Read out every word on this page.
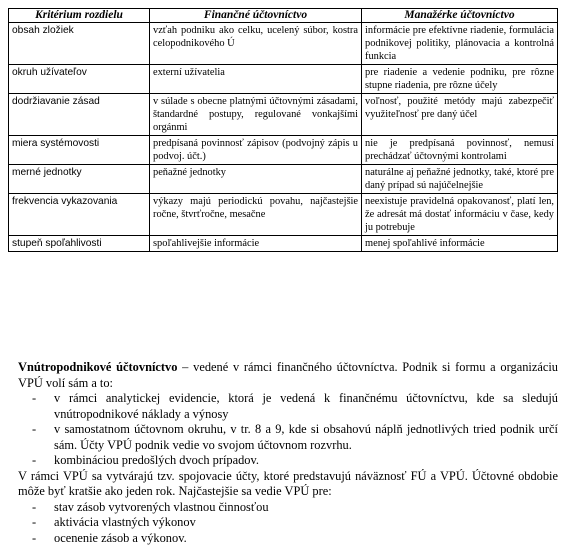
Kritérium rozdielu	Finančné účtovníctvo	Manažérke účtovníctvo
obsah zložiek	vzťah podniku ako celku, ucelený súbor, kostra celopodnikového Ú	informácie pre efektívne riadenie, formulácia podnikovej politiky, plánovacia a kontrolná funkcia
okruh užívateľov	externí užívatelia	pre riadenie a vedenie podniku, pre rôzne stupne riadenia, pre rôzne účely
dodržiavanie zásad	v súlade s obecne platnými účtovnými zásadami, štandardné postupy, regulované vonkajšími orgánmi	voľnosť, použité metódy majú zabezpečiť využiteľnosť pre daný účel
miera systémovosti	predpísaná povinnosť zápisov (podvojný zápis u podvoj. účt.)	nie je predpísaná povinnosť, nemusí prechádzať účtovnými kontrolami
merné jednotky	peňažné jednotky	naturálne aj peňažné jednotky, také, ktoré pre daný prípad sú najúčelnejšie
frekvencia vykazovania	výkazy majú periodickú povahu, najčastejšie ročne, štvrťročne, mesačne	neexistuje pravidelná opakovanosť, platí len, že adresát má dostať informáciu v čase, kedy ju potrebuje
stupeň spoľahlivosti	spoľahlivejšie informácie	menej spoľahlivé informácie

Vnútropodnikové účtovníctvo – vedené v rámci finančného účtovníctva. Podnik si formu a organizáciu VPÚ volí sám a to:

- v rámci analytickej evidencie, ktorá je vedená k finančnému účtovníctvu, kde sa sledujú vnútropodnikové náklady a výnosy
- v samostatnom účtovnom okruhu, v tr. 8 a 9, kde si obsahovú náplň jednotlivých tried podnik určí sám. Účty VPÚ podnik vedie vo svojom účtovnom rozvrhu.
- kombináciou predošlých dvoch prípadov.

V rámci VPÚ sa vytvárajú tzv. spojovacie účty, ktoré predstavujú náväznosť FÚ a VPÚ. Účtovné obdobie môže byť kratšie ako jeden rok. Najčastejšie sa vedie VPÚ pre:

- stav zásob vytvorených vlastnou činnosťou
- aktivácia vlastných výkonov
- ocenenie zásob a výkonov.
